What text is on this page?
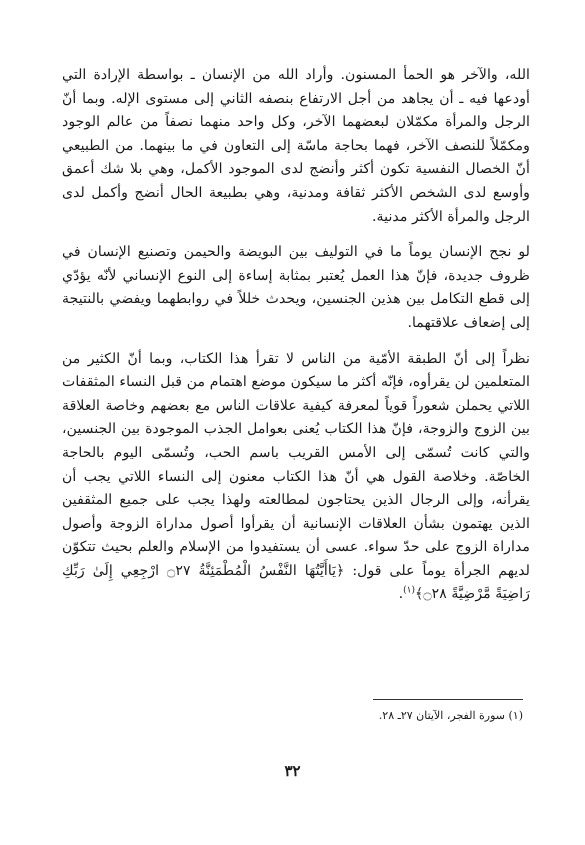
الله، والآخر هو الحمأ المسنون. وأراد الله من الإنسان ـ بواسطة الإرادة التي أودعها فيه ـ أن يجاهد من أجل الارتفاع بنصفه الثاني إلى مستوى الإله. وبما أنّ الرجل والمرأة مكمّلان لبعضهما الآخر، وكل واحد منهما نصفاً من عالم الوجود ومكمّلاً للنصف الآخر، فهما بحاجة ماسّة إلى التعاون في ما بينهما. من الطبيعي أنّ الخصال النفسية تكون أكثر وأنضج لدى الموجود الأكمل، وهي بلا شك أعمق وأوسع لدى الشخص الأكثر ثقافة ومدنية، وهي بطبيعة الحال أنضج وأكمل لدى الرجل والمرأة الأكثر مدنية.

لو نجح الإنسان يوماً ما في التوليف بين البويضة والحيمن وتصنيع الإنسان في ظروف جديدة، فإنّ هذا العمل يُعتبر بمثابة إساءة إلى النوع الإنساني لأنّه يؤدّي إلى قطع التكامل بين هذين الجنسين، ويحدث خللاً في روابطهما ويفضي بالنتيجة إلى إضعاف علاقتهما.

نظراً إلى أنّ الطبقة الأمّية من الناس لا تقرأ هذا الكتاب، وبما أنّ الكثير من المتعلمين لن يقرأوه، فإنّه أكثر ما سيكون موضع اهتمام من قبل النساء المثقفات اللاتي يحملن شعوراً قوياً لمعرفة كيفية علاقات الناس مع بعضهم وخاصة العلاقة بين الزوج والزوجة، فإنّ هذا الكتاب يُعنى بعوامل الجذب الموجودة بين الجنسين، والتي كانت تُسمّى إلى الأمس القريب باسم الحب، وتُسمّى اليوم بالحاجة الخاصّة. وخلاصة القول هي أنّ هذا الكتاب معنون إلى النساء اللاتي يجب أن يقرأنه، وإلى الرجال الذين يحتاجون لمطالعته ولهذا يجب على جميع المثقفين الذين يهتمون بشأن العلاقات الإنسانية أن يقرأوا أصول مداراة الزوجة وأصول مداراة الزوج على حدّ سواء. عسى أن يستفيدوا من الإسلام والعلم بحيث تتكوّن لديهم الجرأة يوماً على قول: ﴿يَاأَيَّتُهَا النَّفْسُ الْمُطْمَئِنَّةُ ۝٢٧ ارْجِعِي إِلَىٰ رَبِّكِ رَاضِيَةً مَّرْضِيَّةً ۝٢٨﴾$^{(١)}$.

(١) سورة الفجر، الآيتان ٢٧ـ ٢٨.
٣٢
